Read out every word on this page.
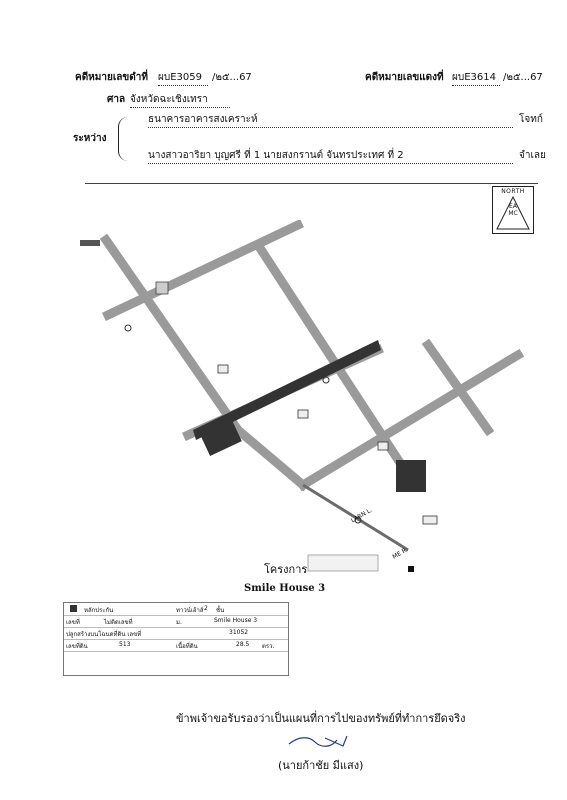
คดีหมายเลขดำที่ ผบE3059	/๒๕...67	คดีหมายเลขแดงที่ ผบE3614 /๒๕...67
ศาล จังหวัดฉะเชิงเทรา
ระหว่าง
ธนาคารอาคารสงเคราะห์	โจทก์
นางสาวอาริยา บุญศรี ที่ 1 นายสงกรานต์ จันทรประเทศ ที่ 2	จำเลย
NORTH
EAMC
LARN L.
ME R.
โครงการ
Smile House 3
หลักประกัน	ทาวน์เฮ้าส์ 2 ชั้น
เลขที่	ไม่ติดเลขที่	ม.	Smile House 3
ปลูกสร้างบนโฉนดที่ดิน เลขที่	31052
เลขที่ดิน	513	เนื้อที่ดิน	28.5 ตรว.
ข้าพเจ้าขอรับรองว่าเป็นแผนที่การไปของทรัพย์ที่ทำการยึดจริง
(นายก้าชัย มีแสง)
